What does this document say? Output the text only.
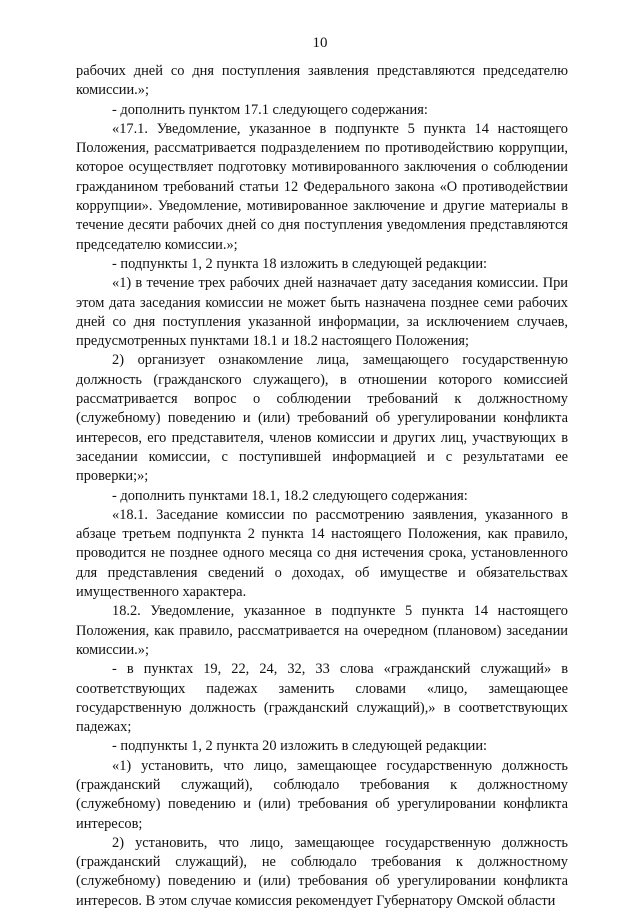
10

рабочих дней со дня поступления заявления представляются председателю комиссии.»;

- дополнить пунктом 17.1 следующего содержания:

«17.1. Уведомление, указанное в подпункте 5 пункта 14 настоящего Положения, рассматривается подразделением по противодействию коррупции, которое осуществляет подготовку мотивированного заключения о соблюдении гражданином требований статьи 12 Федерального закона «О противодействии коррупции». Уведомление, мотивированное заключение и другие материалы в течение десяти рабочих дней со дня поступления уведомления представляются председателю комиссии.»;

- подпункты 1, 2 пункта 18 изложить в следующей редакции:

«1) в течение трех рабочих дней назначает дату заседания комиссии. При этом дата заседания комиссии не может быть назначена позднее семи рабочих дней со дня поступления указанной информации, за исключением случаев, предусмотренных пунктами 18.1 и 18.2 настоящего Положения;

2) организует ознакомление лица, замещающего государственную должность (гражданского служащего), в отношении которого комиссией рассматривается вопрос о соблюдении требований к должностному (служебному) поведению и (или) требований об урегулировании конфликта интересов, его представителя, членов комиссии и других лиц, участвующих в заседании комиссии, с поступившей информацией и с результатами ее проверки;»;

- дополнить пунктами 18.1, 18.2 следующего содержания:

«18.1. Заседание комиссии по рассмотрению заявления, указанного в абзаце третьем подпункта 2 пункта 14 настоящего Положения, как правило, проводится не позднее одного месяца со дня истечения срока, установленного для представления сведений о доходах, об имуществе и обязательствах имущественного характера.

18.2. Уведомление, указанное в подпункте 5 пункта 14 настоящего Положения, как правило, рассматривается на очередном (плановом) заседании комиссии.»;

- в пунктах 19, 22, 24, 32, 33 слова «гражданский служащий» в соответствующих падежах заменить словами «лицо, замещающее государственную должность (гражданский служащий),» в соответствующих падежах;

- подпункты 1, 2 пункта 20 изложить в следующей редакции:

«1) установить, что лицо, замещающее государственную должность (гражданский служащий), соблюдало требования к должностному (служебному) поведению и (или) требования об урегулировании конфликта интересов;

2) установить, что лицо, замещающее государственную должность (гражданский служащий), не соблюдало требования к должностному (служебному) поведению и (или) требования об урегулировании конфликта интересов. В этом случае комиссия рекомендует Губернатору Омской области
